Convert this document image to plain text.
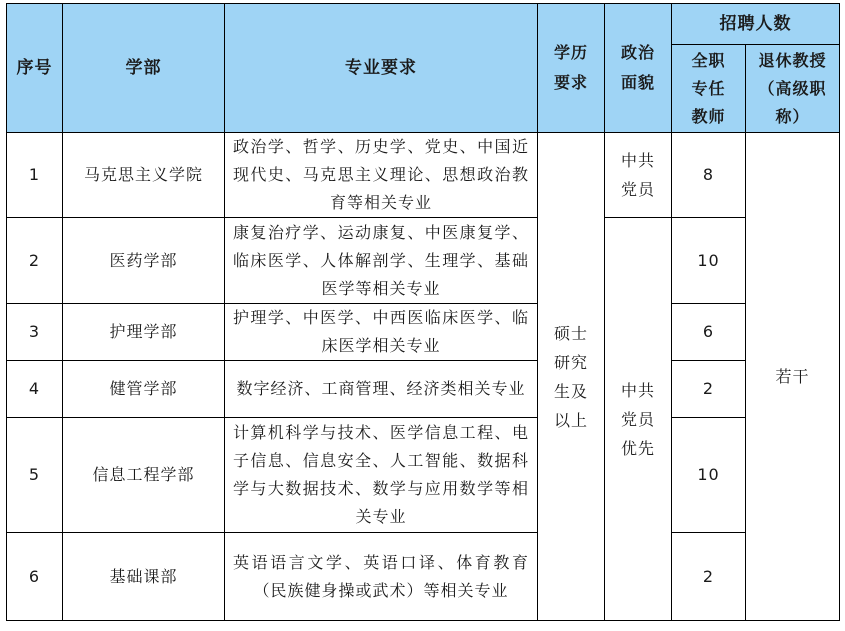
序号	学部	专业要求	学历要求	政治面貌	招聘人数	
					全职专任教师	退休教授（高级职称）
1	马克思主义学院	政治学、哲学、历史学、党史、中国近现代史、马克思主义理论、思想政治教育等相关专业	硕士研究生及以上	中共党员	8	若干
2	医药学部	康复治疗学、运动康复、中医康复学、临床医学、人体解剖学、生理学、基础医学等相关专业		中共党员优先	10	
3	护理学部	护理学、中医学、中西医临床医学、临床医学相关专业			6	
4	健管学部	数字经济、工商管理、经济类相关专业			2	
5	信息工程学部	计算机科学与技术、医学信息工程、电子信息、信息安全、人工智能、数据科学与大数据技术、数学与应用数学等相关专业			10	
6	基础课部	英语语言文学、英语口译、体育教育（民族健身操或武术）等相关专业			2	
